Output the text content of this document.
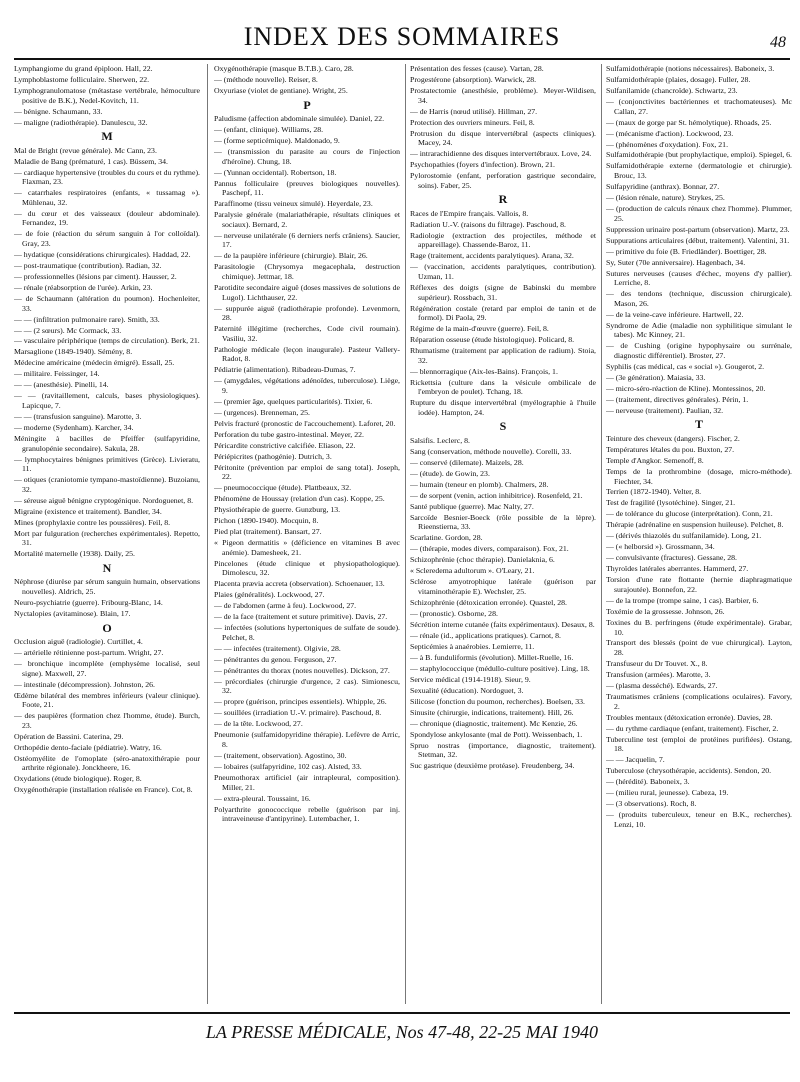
INDEX DES SOMMAIRES	48
Lymphangiome du grand épiploon. Hall, 22.
Lymphoblastome folliculaire. Sherwen, 22.
Lymphogranulomatose (métastase vertébrale, hémoculture positive de B.K.), Nedel-Kovitch, 11.
— bénigne. Schaumann, 33.
— maligne (radiothérapie). Danulescu, 32.
M
Mal de Bright (revue générale). Mc Cann, 23.
Maladie de Bang (prématuré, 1 cas). Büssem, 34.
— cardiaque hypertensive (troubles du cours et du rythme). Flaxman, 23.
— catarrhales respiratoires (enfants, « tussamag »). Mühlenau, 32.
— du cœur et des vaisseaux (douleur abdominale). Fernandez, 19.
— de foie (réaction du sérum sanguin à l'or colloïdal). Gray, 23.
— hydatique (considérations chirurgicales). Haddad, 22.
— post-traumatique (contribution). Radian, 32.
— professionnelles (lésions par ciment). Hausser, 2.
— rénale (réabsorption de l'urée). Arkin, 23.
— de Schaumann (altération du poumon). Hochenleiter, 33.
— — (infiltration pulmonaire rare). Smith, 33.
— — (2 sœurs). Mc Cormack, 33.
— vasculaire périphérique (temps de circulation). Berk, 21.
Marsaglione (1849-1940). Sémény, 8.
Médecine américaine (médecin émigré). Essall, 25.
— militaire. Feissinger, 14.
— — (anesthésie). Pinelli, 14.
— — (ravitaillement, calculs, bases physiologiques). Lapicque, 7.
— — (transfusion sanguine). Marotte, 3.
— moderne (Sydenham). Karcher, 34.
Méningite à bacilles de Pfeiffer (sulfapyridine, granulopénie secondaire). Sakula, 28.
— lymphocytaires bénignes primitives (Grèce). Livieratu, 11.
— otiques (craniotomie tympano-mastoïdienne). Buzoianu, 32.
— séreuse aiguë bénigne cryptogénique. Nordoguenet, 8.
Migraine (existence et traitement). Bandler, 34.
Mines (prophylaxie contre les poussières). Feil, 8.
Mort par fulguration (recherches expérimentales). Repetto, 31.
Mortalité maternelle (1938). Daily, 25.
N
Néphrose (diurèse par sérum sanguin humain, observations nouvelles). Aldrich, 25.
Neuro-psychiatrie (guerre). Fribourg-Blanc, 14.
Nyctalopies (avitaminose). Blain, 17.
O
Occlusion aiguë (radiologie). Curtillet, 4.
— artérielle rétinienne post-partum. Wright, 27.
— bronchique incomplète (emphysème localisé, seul signe). Maxwell, 27.
— intestinale (décompression). Johnston, 26.
Œdème bilatéral des membres inférieurs (valeur clinique). Foote, 21.
— des paupières (formation chez l'homme, étude). Burch, 23.
Opération de Bassini. Caterina, 29.
Orthopédie dento-faciale (pédiatrie). Watry, 16.
Ostéomyélite de l'omoplate (séro-anatoxithérapie pour arthrite régionale). Jonckheere, 16.
Oxydations (étude biologique). Roger, 8.
Oxygénothérapie (installation réalisée en France). Cot, 8.
Oxygénothérapie (masque B.T.B.). Caro, 28.
— (méthode nouvelle). Reiser, 8.
Oxyuriase (violet de gentiane). Wright, 25.
P
Paludisme (affection abdominale simulée). Daniel, 22.
— (enfant, clinique). Williams, 28.
— (forme septicémique). Maldonado, 9.
— (transmission du parasite au cours de l'injection d'héroïne). Chung, 18.
— (Yunnan occidental). Robertson, 18.
Pannus folliculaire (preuves biologiques nouvelles). Paschepf, 11.
Paraffinome (tissu veineux simulé). Heyerdale, 23.
Paralysie générale (malariathérapie, résultats cliniques et sociaux). Bernard, 2.
— nerveuse unilatérale (6 derniers nerfs crâniens). Saucier, 17.
— de la paupière inférieure (chirurgie). Blair, 26.
Parasitologie (Chrysomya megacephala, destruction chimique). Jettmar, 18.
Parotidite secondaire aiguë (doses massives de solutions de Lugol). Lichthauser, 22.
— suppurée aiguë (radiothérapie profonde). Levenmorn, 28.
Paternité illégitime (recherches, Code civil roumain). Vasiliu, 32.
Pathologie médicale (leçon inaugurale). Pasteur Vallery-Radot, 8.
Pédiatrie (alimentation). Ribadeau-Dumas, 7.
— (amygdales, végétations adénoïdes, tuberculose). Liège, 9.
— (premier âge, quelques particularités). Tixier, 6.
— (urgences). Brenneman, 25.
Pelvis fracturé (pronostic de l'accouchement). Laforet, 20.
Perforation du tube gastro-intestinal. Meyer, 22.
Péricardite constrictive calcifiée. Eliason, 22.
Périépicrites (pathogénie). Dutrich, 3.
Péritonite (prévention par emploi de sang total). Joseph, 22.
— pneumococcique (étude). Plattbeaux, 32.
Phénomène de Houssay (relation d'un cas). Koppe, 25.
Physiothérapie de guerre. Gunzburg, 13.
Pichon (1890-1940). Mocquin, 8.
Pied plat (traitement). Bansart, 27.
« Pigeon dermatitis » (déficience en vitamines B avec anémie). Damesheek, 21.
Pincelones (étude clinique et physiopathologique). Dimolescu, 32.
Placenta prævia accreta (observation). Schoenauer, 13.
Plaies (généralités). Lockwood, 27.
— de l'abdomen (arme à feu). Lockwood, 27.
— de la face (traitement et suture primitive). Davis, 27.
— infectées (solutions hypertoniques de sulfate de soude). Pelchet, 8.
— — infectées (traitement). Olgivie, 28.
— pénétrantes du genou. Ferguson, 27.
— pénétrantes du thorax (notes nouvelles). Dickson, 27.
— précordiales (chirurgie d'urgence, 2 cas). Simionescu, 32.
— propre (guérison, principes essentiels). Whipple, 26.
— souillées (irradiation U.-V. primaire). Paschoud, 8.
— de la tête. Lockwood, 27.
Pneumonie (sulfamidopyridine thérapie). Lefèvre de Arric, 8.
— (traitement, observation). Agostino, 30.
— lobaires (sulfapyridine, 102 cas). Alsted, 33.
Pneumothorax artificiel (air intrapleural, composition). Miller, 21.
— extra-pleural. Toussaint, 16.
Polyarthrite gonococcique rebelle (guérison par inj. intraveineuse d'antipyrine). Lutembacher, 1.
Présentation des fesses (cause). Vartan, 28.
Progestérone (absorption). Warwick, 28.
Prostatectomie (anesthésie, problème). Meyer-Wildisen, 34.
— de Harris (nœud utilisé). Hillman, 27.
Protection des ouvriers mineurs. Feil, 8.
Protrusion du disque intervertébral (aspects cliniques). Macey, 24.
— intrarachidienne des disques intervertébraux. Love, 24.
Psychopathies (foyers d'infection). Brown, 21.
Pylorostomie (enfant, perforation gastrique secondaire, soins). Faber, 25.
R
Races de l'Empire français. Vallois, 8.
Radiation U.-V. (raisons du filtrage). Paschoud, 8.
Radiologie (extraction des projectiles, méthode et appareillage). Chassende-Baroz, 11.
Rage (traitement, accidents paralytiques). Arana, 32.
— (vaccination, accidents paralytiques, contribution). Uzman, 11.
Réflexes des doigts (signe de Babinski du membre supérieur). Rossbach, 31.
Régénération costale (retard par emploi de tanin et de formol). Di Paola, 29.
Régime de la main-d'œuvre (guerre). Feil, 8.
Réparation osseuse (étude histologique). Policard, 8.
Rhumatisme (traitement par application de radium). Stoia, 32.
— blennorragique (Aix-les-Bains). François, 1.
Rickettsia (culture dans la vésicule ombilicale de l'embryon de poulet). Tchang, 18.
Rupture du disque intervertébral (myélographie à l'huile iodée). Hampton, 24.
S
Salsifis. Leclerc, 8.
Sang (conservation, méthode nouvelle). Corelli, 33.
— conservé (dilemate). Maizels, 28.
— (étude). de Gowin, 23.
— humain (teneur en plomb). Chalmers, 28.
— de sorpent (venin, action inhibitrice). Rosenfeld, 21.
Santé publique (guerre). Mac Nalty, 27.
Sarcoïde Besnier-Boeck (rôle possible de la lèpre). Rieenstierna, 33.
Scarlatine. Gordon, 28.
— (thérapie, modes divers, comparaison). Fox, 21.
Schizophrénie (choc thérapie). Danielaknia, 6.
« Scleredema adultorum ». O'Leary, 21.
Sclérose amyotrophique latérale (guérison par vitaminothérapie E). Wechsler, 25.
Schizophrénie (détoxication erronée). Quastel, 28.
— (pronostic). Osborne, 28.
Sécrétion interne cutanée (faits expérimentaux). Desaux, 8.
— rénale (id., applications pratiques). Carnot, 8.
Septicémies à anaérobies. Lemierre, 11.
— à B. funduliformis (évolution). Millet-Ruelle, 16.
— staphylococcique (médullo-culture positive). Ling, 18.
Service médical (1914-1918). Sieur, 9.
Sexualité (éducation). Nordoguet, 3.
Silicose (fonction du poumon, recherches). Boelsen, 33.
Sinusite (chirurgie, indications, traitement). Hill, 26.
— chronique (diagnostic, traitement). Mc Kenzie, 26.
Spondylose ankylosante (mal de Pott). Weissenbach, 1.
Spruo nostras (importance, diagnostic, traitement). Stetman, 32.
Suc gastrique (deuxième protéase). Freudenberg, 34.
Sulfamidothérapie (notions nécessaires). Baboneix, 3.
Sulfamidothérapie (plaies, dosage). Fuller, 28.
Sulfanilamide (chancroïde). Schwartz, 23.
— (conjonctivites bactériennes et trachomateuses). Mc Callan, 27.
— (maux de gorge par St. hémolytique). Rhoads, 25.
— (mécanisme d'action). Lockwood, 23.
— (phénomènes d'oxydation). Fox, 21.
Sulfamidothérapie (but prophylactique, emploi). Spiegel, 6.
Sulfamidothérapie externe (dermatologie et chirurgie). Brouc, 13.
Sulfapyridine (anthrax). Bonnar, 27.
— (lésion rénale, nature). Strykes, 25.
— (production de calculs rénaux chez l'homme). Plummer, 25.
Suppression urinaire post-partum (observation). Martz, 23.
Suppurations articulaires (début, traitement). Valentini, 31.
— primitive du foie (B. Friedländer). Boettiger, 28.
Sy, Suter (70e anniversaire). Hagenbach, 34.
Sutures nerveuses (causes d'échec, moyens d'y pallier). Lerriche, 8.
— des tendons (technique, discussion chirurgicale). Mason, 26.
— de la veine-cave inférieure. Hartwell, 22.
Syndrome de Adie (maladie non syphilitique simulant le tabes). Mc Kinney, 21.
— de Cushing (origine hypophysaire ou surrénale, diagnostic différentiel). Broster, 27.
Syphilis (cas médical, cas « social »). Gougerot, 2.
— (3e génération). Maiasia, 33.
— micro-séro-réaction de Kline). Montessinos, 20.
— (traitement, directives générales). Périn, 1.
— nerveuse (traitement). Paulian, 32.
T
Teinture des cheveux (dangers). Fischer, 2.
Températures létales du pou. Buxton, 27.
Temple d'Angkor. Semenoff, 8.
Temps de la prothrombine (dosage, micro-méthode). Fiechter, 34.
Terrien (1872-1940). Velter, 8.
Test de fragilité (lysotéchine). Singer, 21.
— de tolérance du glucose (interprétation). Conn, 21.
Thérapie (adrénaline en suspension huileuse). Pelchet, 8.
— (dérivés thiazolés du sulfanilamide). Long, 21.
— (« helborsid »). Grossmann, 34.
— convulsivante (fractures). Gessane, 28.
Thyroïdes latérales aberrantes. Hammerd, 27.
Torsion d'une rate flottante (hernie diaphragmatique surajoutée). Bonnefon, 22.
— de la trompe (trompe saine, 1 cas). Barbier, 6.
Toxémie de la grossesse. Johnson, 26.
Toxines du B. perfringens (étude expérimentale). Grabar, 10.
Transport des blessés (point de vue chirurgical). Layton, 28.
Transfuseur du Dr Touvet. X., 8.
Transfusion (armées). Marotte, 3.
— (plasma desséché). Edwards, 27.
Traumatismes crâniens (complications oculaires). Favory, 2.
Troubles mentaux (détoxication erronée). Davies, 28.
— du rythme cardiaque (enfant, traitement). Fischer, 2.
Tuberculine test (emploi de protéines purifiées). Ostang, 18.
— — Jacquelin, 7.
Tuberculose (chrysothérapie, accidents). Sendon, 20.
— (hérédité). Baboneix, 3.
— (milieu rural, jeunesse). Cabeza, 19.
— (3 observations). Roch, 8.
— (produits tuberculeux, teneur en B.K., recherches). Lenzi, 10.
LA PRESSE MÉDICALE, Nos 47-48, 22-25 MAI 1940
